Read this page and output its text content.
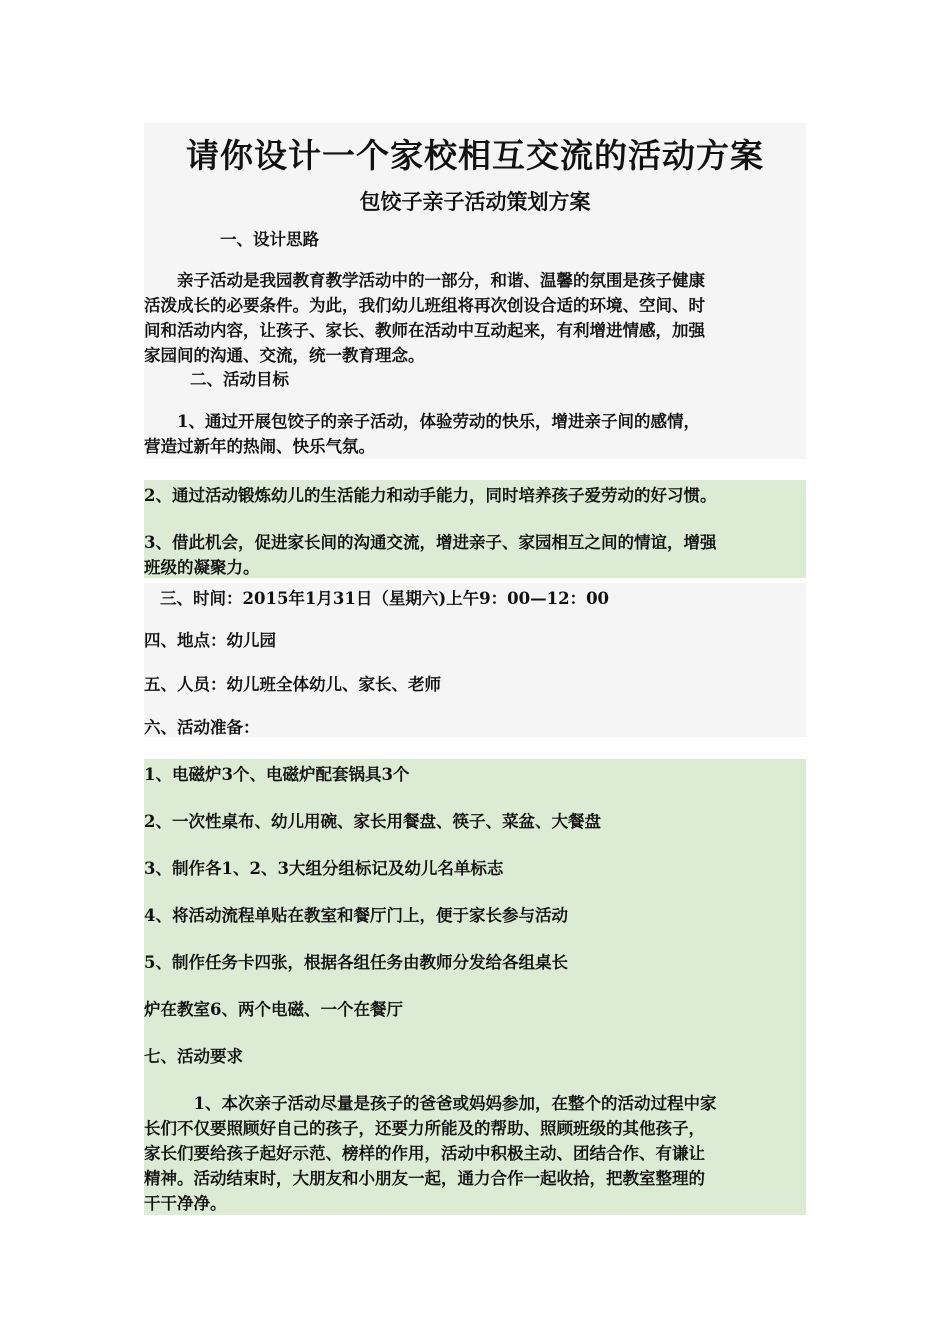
请你设计一个家校相互交流的活动方案
包饺子亲子活动策划方案
一、设计思路
　　亲子活动是我园教育教学活动中的一部分，和谐、温馨的氛围是孩子健康
活泼成长的必要条件。为此，我们幼儿班组将再次创设合适的环境、空间、时
间和活动内容，让孩子、家长、教师在活动中互动起来，有利增进情感，加强
家园间的沟通、交流，统一教育理念。
二、活动目标
　　1、通过开展包饺子的亲子活动，体验劳动的快乐，增进亲子间的感情，
营造过新年的热闹、快乐气氛。
2、通过活动锻炼幼儿的生活能力和动手能力，同时培养孩子爱劳动的好习惯。
3、借此机会，促进家长间的沟通交流，增进亲子、家园相互之间的情谊，增强
班级的凝聚力。
三、时间：2015年1月31日（星期六)上午9：00—12：00
四、地点：幼儿园
五、人员：幼儿班全体幼儿、家长、老师
六、活动准备：
1、电磁炉3个、电磁炉配套锅具3个
2、一次性桌布、幼儿用碗、家长用餐盘、筷子、菜盆、大餐盘
3、制作各1、2、3大组分组标记及幼儿名单标志
4、将活动流程单贴在教室和餐厅门上，便于家长参与活动
5、制作任务卡四张，根据各组任务由教师分发给各组桌长
炉在教室6、两个电磁、一个在餐厅
七、活动要求
　　　1、本次亲子活动尽量是孩子的爸爸或妈妈参加，在整个的活动过程中家
长们不仅要照顾好自己的孩子，还要力所能及的帮助、照顾班级的其他孩子，
家长们要给孩子起好示范、榜样的作用，活动中积极主动、团结合作、有谦让
精神。活动结束时，大朋友和小朋友一起，通力合作一起收拾，把教室整理的
干干净净。
